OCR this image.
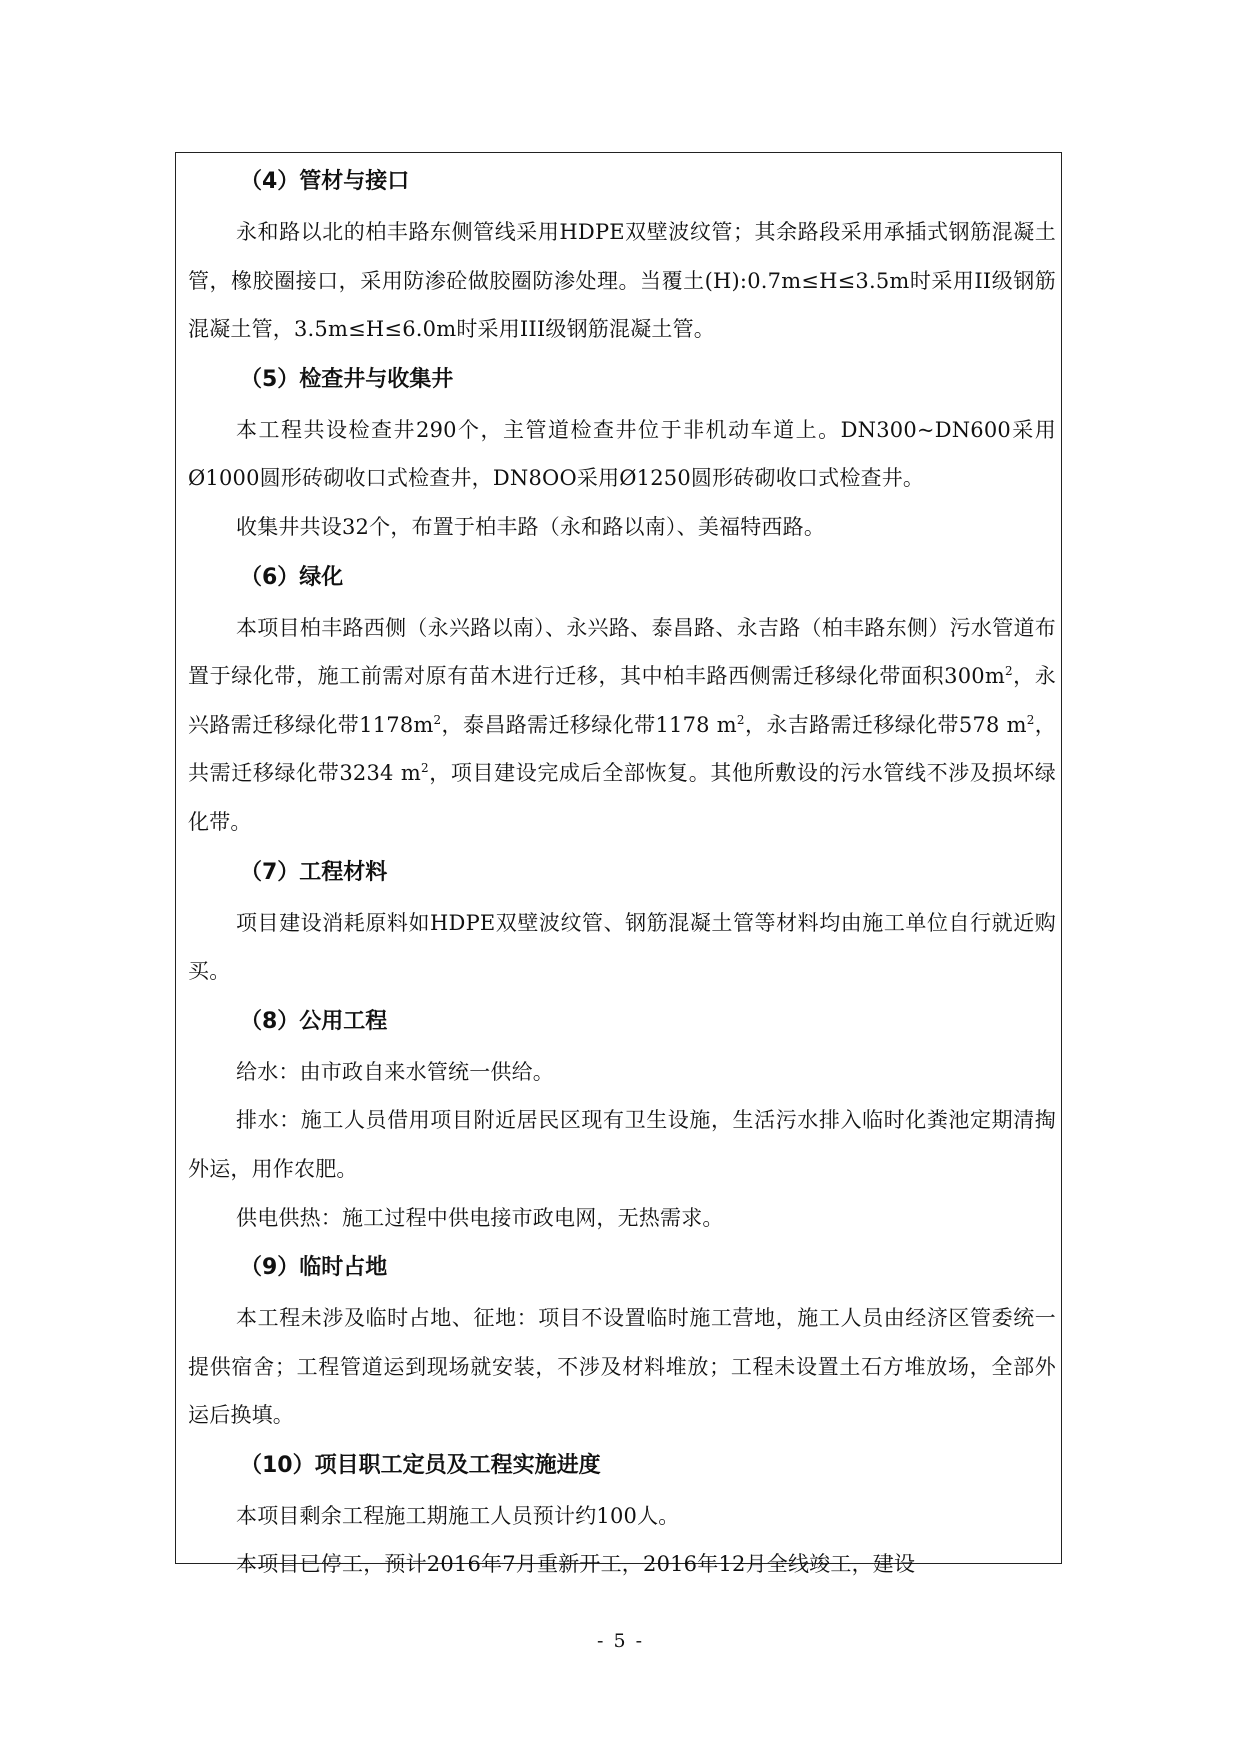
（4）管材与接口
永和路以北的柏丰路东侧管线采用HDPE双壁波纹管；其余路段采用承插式钢筋混凝土管，橡胶圈接口，采用防渗砼做胶圈防渗处理。当覆土(H):0.7m≤H≤3.5m时采用II级钢筋混凝土管，3.5m≤H≤6.0m时采用III级钢筋混凝土管。
（5）检查井与收集井
本工程共设检查井290个，主管道检查井位于非机动车道上。DN300~DN600采用Ø1000圆形砖砌收口式检查井，DN8OO采用Ø1250圆形砖砌收口式检查井。
收集井共设32个，布置于柏丰路（永和路以南）、美福特西路。
（6）绿化
本项目柏丰路西侧（永兴路以南）、永兴路、泰昌路、永吉路（柏丰路东侧）污水管道布置于绿化带，施工前需对原有苗木进行迁移，其中柏丰路西侧需迁移绿化带面积$300m^2$，永兴路需迁移绿化带$1178m^2$，泰昌路需迁移绿化带1178 $m^2$，永吉路需迁移绿化带578 $m^2$，共需迁移绿化带3234 $m^2$，项目建设完成后全部恢复。其他所敷设的污水管线不涉及损坏绿化带。
（7）工程材料
项目建设消耗原料如HDPE双壁波纹管、钢筋混凝土管等材料均由施工单位自行就近购买。
（8）公用工程
给水：由市政自来水管统一供给。
排水：施工人员借用项目附近居民区现有卫生设施，生活污水排入临时化粪池定期清掏外运，用作农肥。
供电供热：施工过程中供电接市政电网，无热需求。
（9）临时占地
本工程未涉及临时占地、征地：项目不设置临时施工营地，施工人员由经济区管委统一提供宿舍；工程管道运到现场就安装，不涉及材料堆放；工程未设置土石方堆放场，全部外运后换填。
（10）项目职工定员及工程实施进度
本项目剩余工程施工期施工人员预计约100人。
本项目已停工，预计2016年7月重新开工，2016年12月全线竣工，建设
- 5 -
